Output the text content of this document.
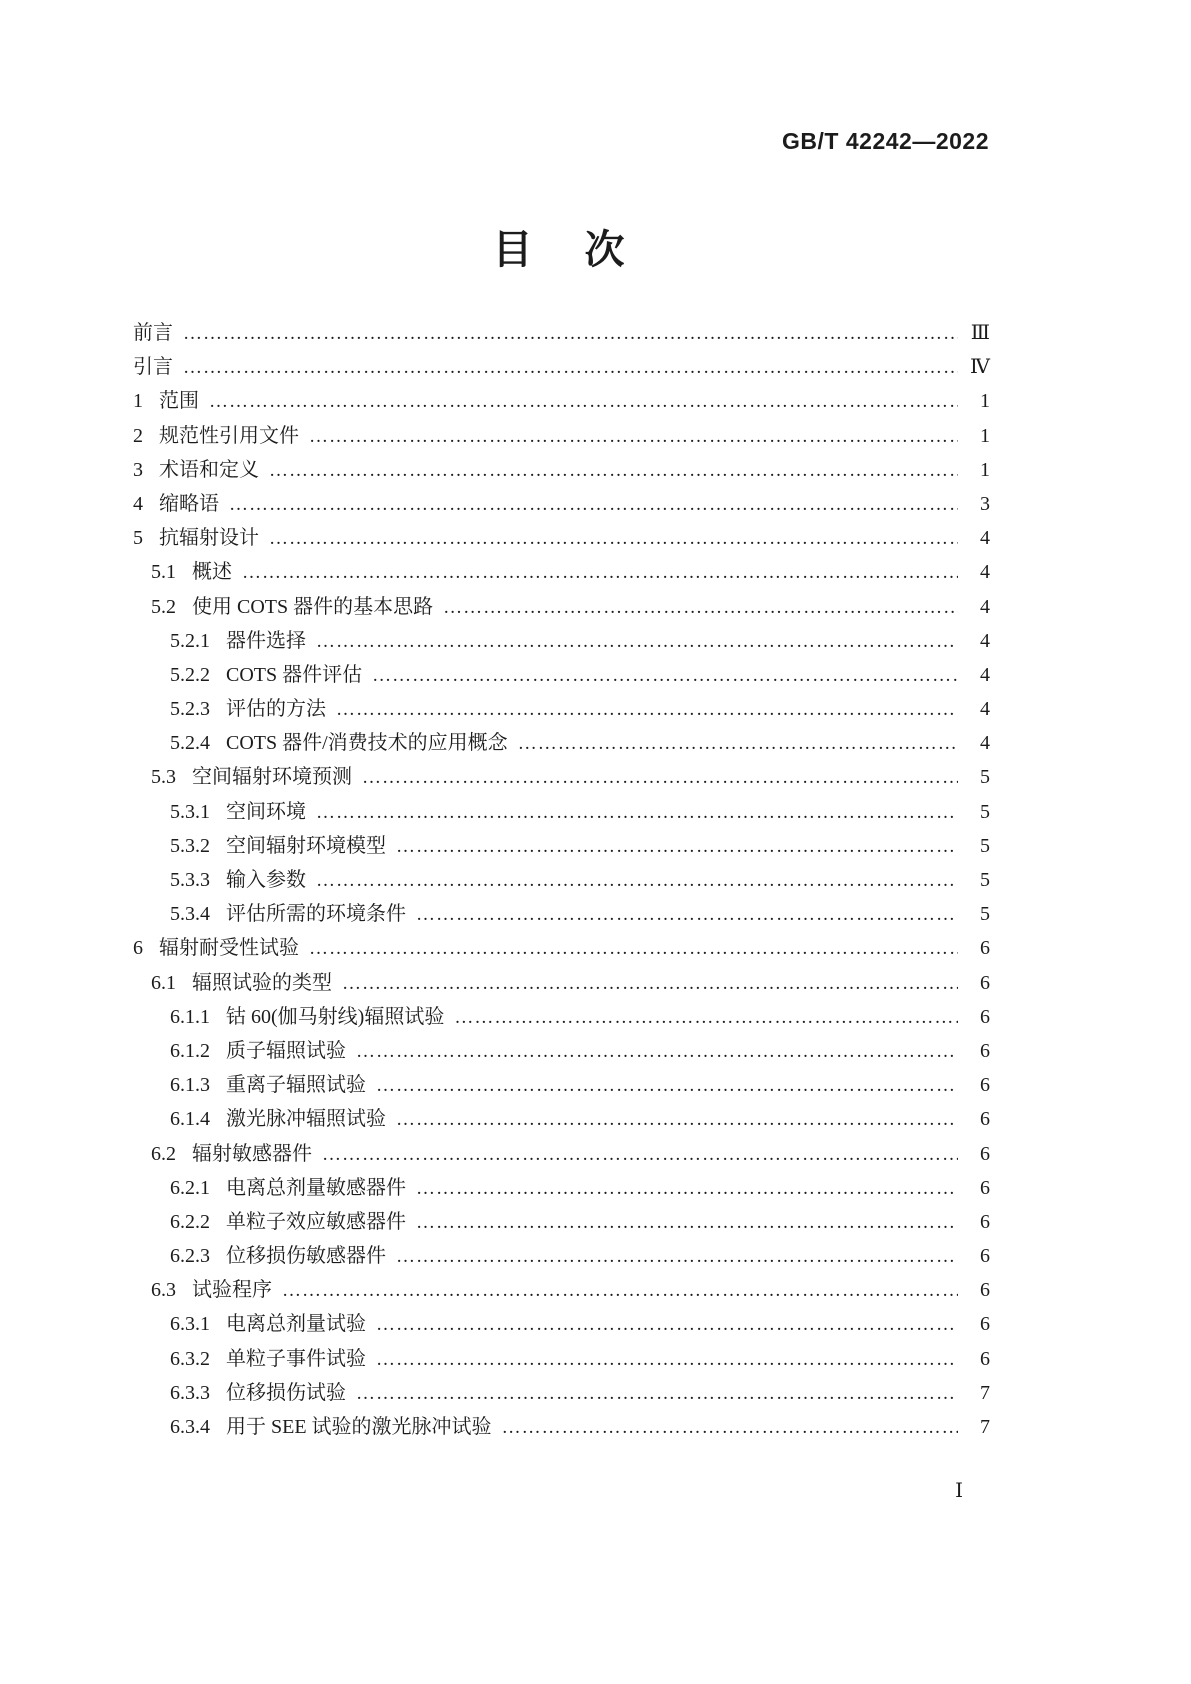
GB/T 42242—2022
目　次
前言 ……………………………………………………………………………………………………………………………………………………………………………………	Ⅲ
引言 ……………………………………………………………………………………………………………………………………………………………………………………	Ⅳ
1 范围 ……………………………………………………………………………………………………………………………………………………………………………………	1
2 规范性引用文件 ……………………………………………………………………………………………………………………………………………………………………………………	1
3 术语和定义 ……………………………………………………………………………………………………………………………………………………………………………………	1
4 缩略语 ……………………………………………………………………………………………………………………………………………………………………………………	3
5 抗辐射设计 ……………………………………………………………………………………………………………………………………………………………………………………	4
5.1 概述 ……………………………………………………………………………………………………………………………………………………………………………………	4
5.2 使用 COTS 器件的基本思路 ……………………………………………………………………………………………………………………………………………………………………………………	4
5.2.1 器件选择 ……………………………………………………………………………………………………………………………………………………………………………………	4
5.2.2 COTS 器件评估 ……………………………………………………………………………………………………………………………………………………………………………………	4
5.2.3 评估的方法 ……………………………………………………………………………………………………………………………………………………………………………………	4
5.2.4 COTS 器件/消费技术的应用概念 ……………………………………………………………………………………………………………………………………………………………………………………	4
5.3 空间辐射环境预测 ……………………………………………………………………………………………………………………………………………………………………………………	5
5.3.1 空间环境 ……………………………………………………………………………………………………………………………………………………………………………………	5
5.3.2 空间辐射环境模型 ……………………………………………………………………………………………………………………………………………………………………………………	5
5.3.3 输入参数 ……………………………………………………………………………………………………………………………………………………………………………………	5
5.3.4 评估所需的环境条件 ……………………………………………………………………………………………………………………………………………………………………………………	5
6 辐射耐受性试验 ……………………………………………………………………………………………………………………………………………………………………………………	6
6.1 辐照试验的类型 ……………………………………………………………………………………………………………………………………………………………………………………	6
6.1.1 钴 60(伽马射线)辐照试验 ……………………………………………………………………………………………………………………………………………………………………………………	6
6.1.2 质子辐照试验 ……………………………………………………………………………………………………………………………………………………………………………………	6
6.1.3 重离子辐照试验 ……………………………………………………………………………………………………………………………………………………………………………………	6
6.1.4 激光脉冲辐照试验 ……………………………………………………………………………………………………………………………………………………………………………………	6
6.2 辐射敏感器件 ……………………………………………………………………………………………………………………………………………………………………………………	6
6.2.1 电离总剂量敏感器件 ……………………………………………………………………………………………………………………………………………………………………………………	6
6.2.2 单粒子效应敏感器件 ……………………………………………………………………………………………………………………………………………………………………………………	6
6.2.3 位移损伤敏感器件 ……………………………………………………………………………………………………………………………………………………………………………………	6
6.3 试验程序 ……………………………………………………………………………………………………………………………………………………………………………………	6
6.3.1 电离总剂量试验 ……………………………………………………………………………………………………………………………………………………………………………………	6
6.3.2 单粒子事件试验 ……………………………………………………………………………………………………………………………………………………………………………………	6
6.3.3 位移损伤试验 ……………………………………………………………………………………………………………………………………………………………………………………	7
6.3.4 用于 SEE 试验的激光脉冲试验 ……………………………………………………………………………………………………………………………………………………………………………………	7
Ⅰ
